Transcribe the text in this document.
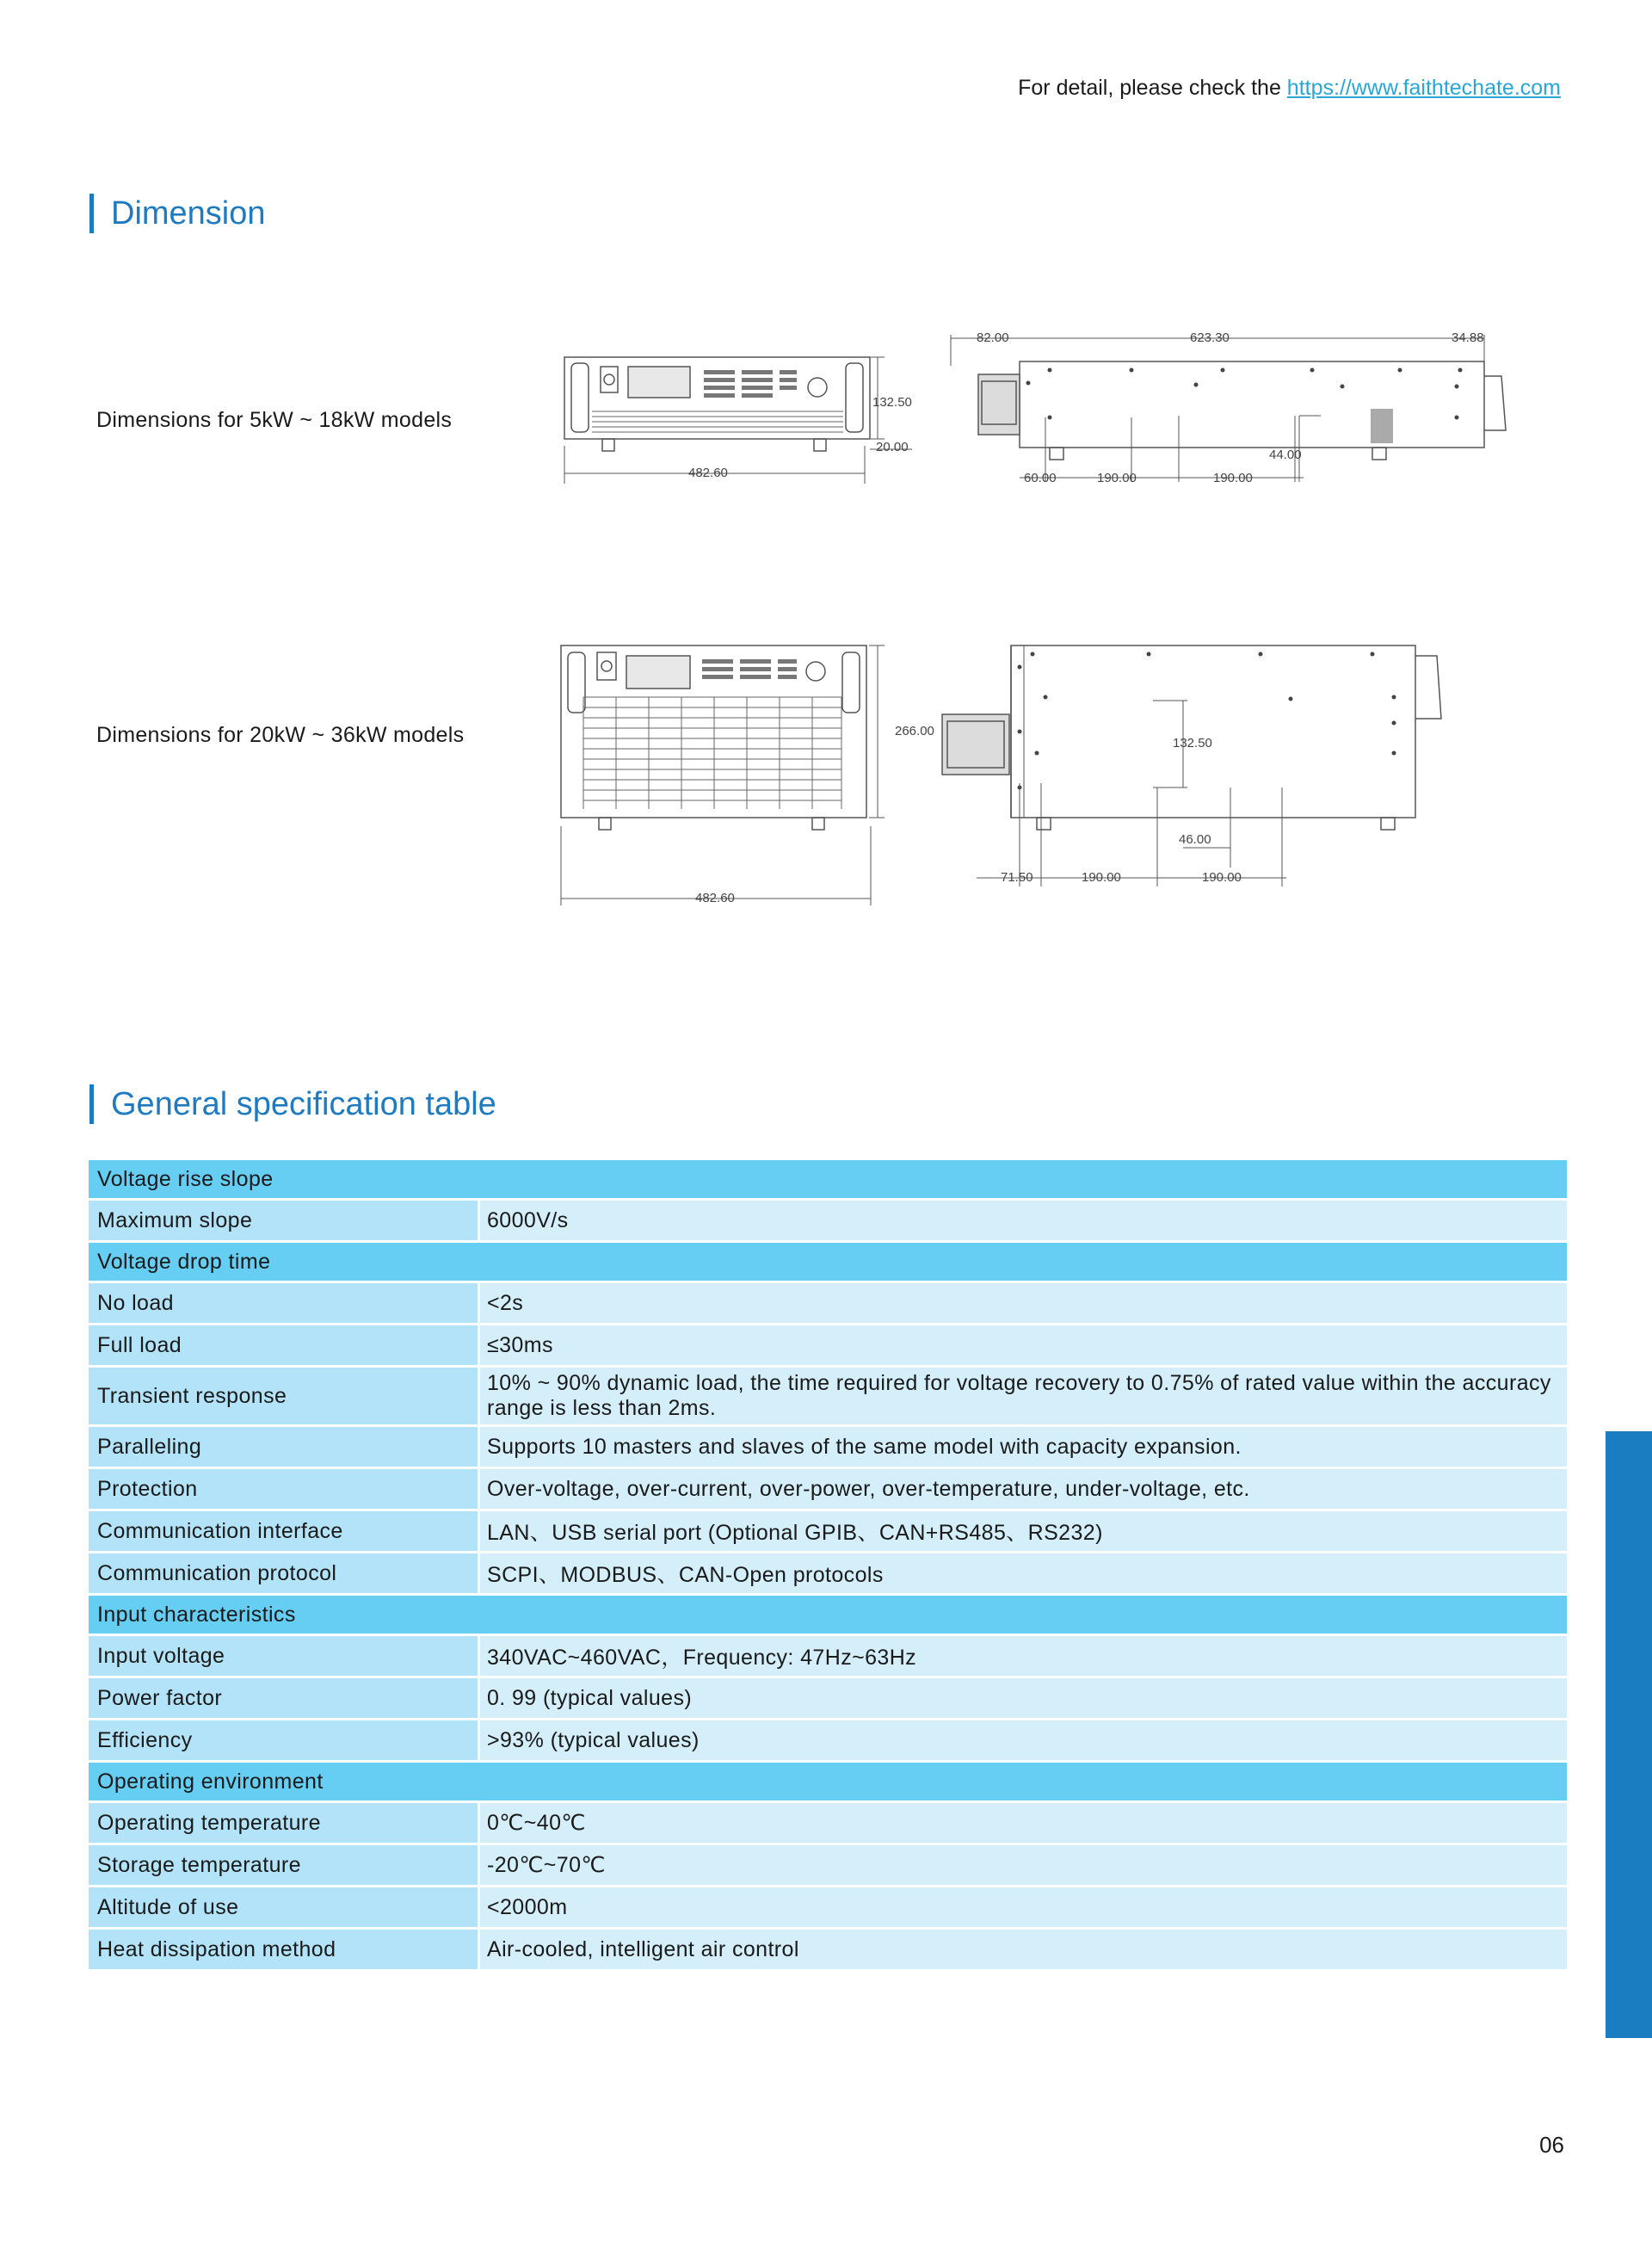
For detail, please check the https://www.faithtechate.com
Dimension
Dimensions for 5kW ~ 18kW models
132.50
20.00
482.60
82.00	623.30	34.88
44.00
60.00	190.00	190.00
Dimensions for 20kW ~ 36kW models	266.00
482.60
132.50
46.00
71.50	190.00	190.00
General specification table
Voltage rise slope	
Maximum slope	6000V/s
Voltage drop time	
No load	<2s
Full load	≤30ms
Transient response	10% ~ 90% dynamic load, the time required for voltage recovery to 0.75% of rated value within the accuracy range is less than 2ms.
Paralleling	Supports 10 masters and slaves of the same model with capacity expansion.
Protection	Over-voltage, over-current, over-power, over-temperature, under-voltage, etc.
Communication interface	LAN、USB serial port (Optional GPIB、CAN+RS485、RS232)
Communication protocol	SCPI、MODBUS、CAN-Open protocols
Input characteristics	
Input voltage	340VAC~460VAC，Frequency: 47Hz~63Hz
Power factor	0. 99 (typical values)
Efficiency	>93% (typical values)
Operating environment	
Operating temperature	0℃~40℃
Storage temperature	-20℃~70℃
Altitude of use	<2000m
Heat dissipation method	Air-cooled, intelligent air control
06
